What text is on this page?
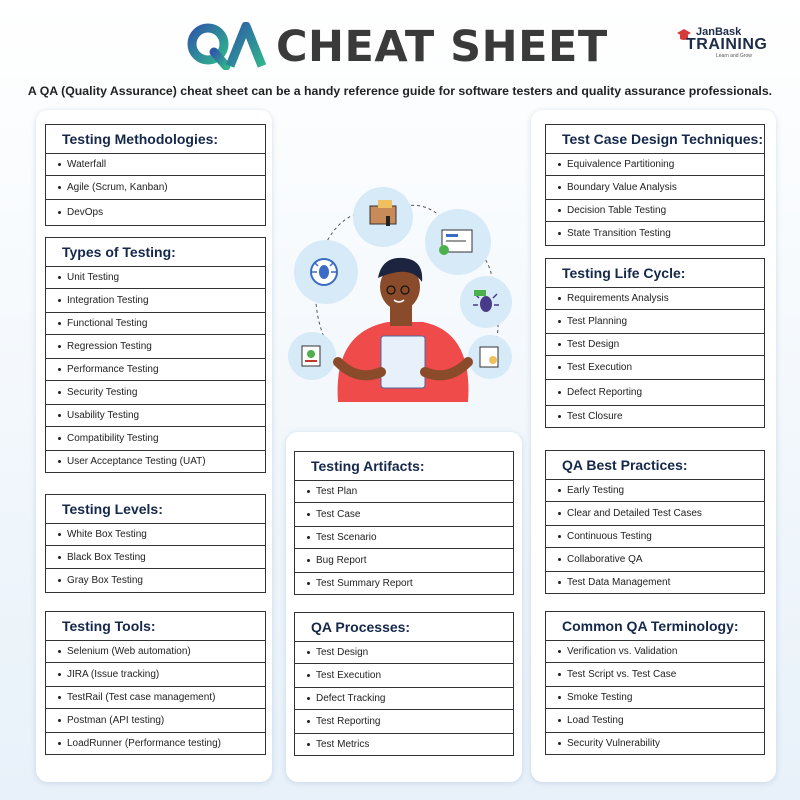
CHEAT SHEET	JanBask
TRAINING
Learn and Grow
A QA (Quality Assurance) cheat sheet can be a handy reference guide for software testers and quality assurance professionals.
Testing Methodologies:
Waterfall
Agile (Scrum, Kanban)
DevOps
Types of Testing:
Unit Testing
Integration Testing
Functional Testing
Regression Testing
Performance Testing
Security Testing
Usability Testing
Compatibility Testing
User Acceptance Testing (UAT)
Testing Levels:
White Box Testing
Black Box Testing
Gray Box Testing
Testing Tools:
Selenium (Web automation)
JIRA (Issue tracking)
TestRail (Test case management)
Postman (API testing)
LoadRunner (Performance testing)
Testing Artifacts:
Test Plan
Test Case
Test Scenario
Bug Report
Test Summary Report
QA Processes:
Test Design
Test Execution
Defect Tracking
Test Reporting
Test Metrics
Test Case Design Techniques:
Equivalence Partitioning
Boundary Value Analysis
Decision Table Testing
State Transition Testing
Testing Life Cycle:
Requirements Analysis
Test Planning
Test Design
Test Execution
Defect Reporting
Test Closure
QA Best Practices:
Early Testing
Clear and Detailed Test Cases
Continuous Testing
Collaborative QA
Test Data Management
Common QA Terminology:
Verification vs. Validation
Test Script vs. Test Case
Smoke Testing
Load Testing
Security Vulnerability
